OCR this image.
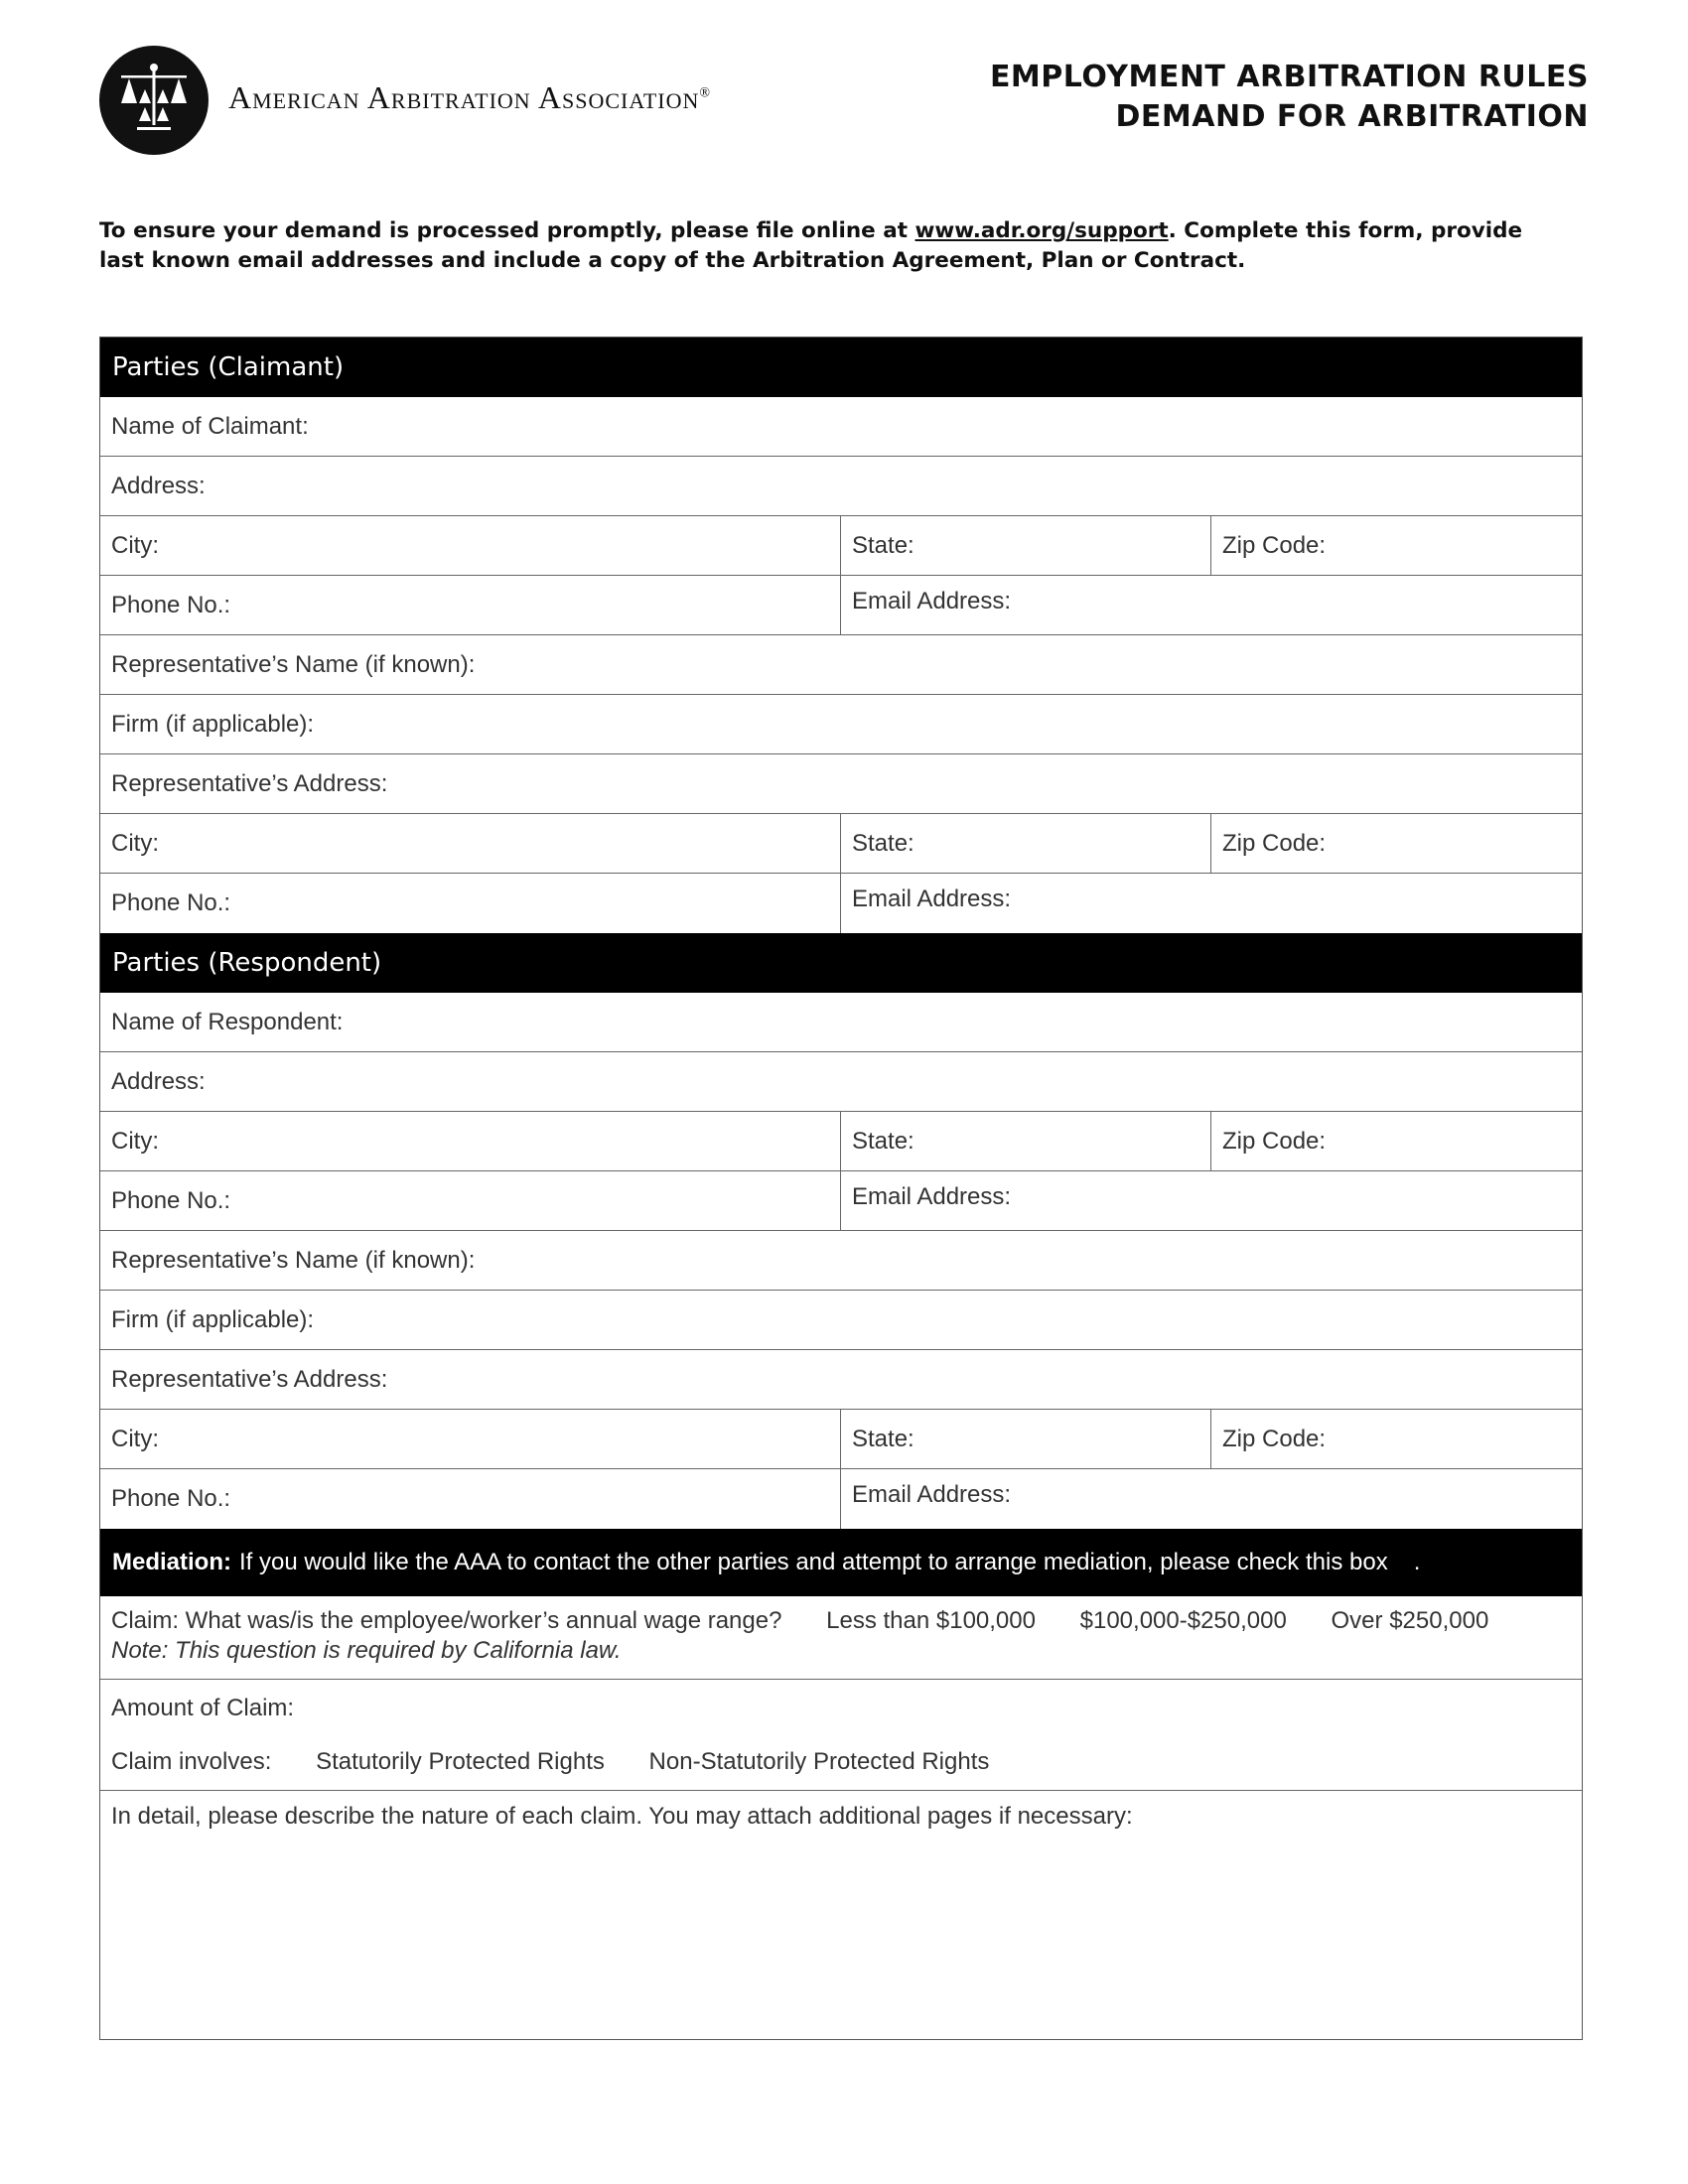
American Arbitration Association®	EMPLOYMENT ARBITRATION RULES
DEMAND FOR ARBITRATION
To ensure your demand is processed promptly, please file online at www.adr.org/support. Complete this form, provide last known email addresses and include a copy of the Arbitration Agreement, Plan or Contract.
Parties (Claimant)
Name of Claimant:
Address:
City:	State:	Zip Code:
Phone No.:	Email Address:
Representative’s Name (if known):
Firm (if applicable):
Representative’s Address:
City:	State:	Zip Code:
Phone No.:	Email Address:
Parties (Respondent)
Name of Respondent:
Address:
City:	State:	Zip Code:
Phone No.:	Email Address:
Representative’s Name (if known):
Firm (if applicable):
Representative’s Address:
City:	State:	Zip Code:
Phone No.:	Email Address:
Mediation: If you would like the AAA to contact the other parties and attempt to arrange mediation, please check this box .
Claim: What was/is the employee/worker’s annual wage range? Less than $100,000 $100,000-$250,000 Over $250,000
Note: This question is required by California law.
Amount of Claim:
Claim involves: Statutorily Protected Rights Non-Statutorily Protected Rights
In detail, please describe the nature of each claim. You may attach additional pages if necessary:
